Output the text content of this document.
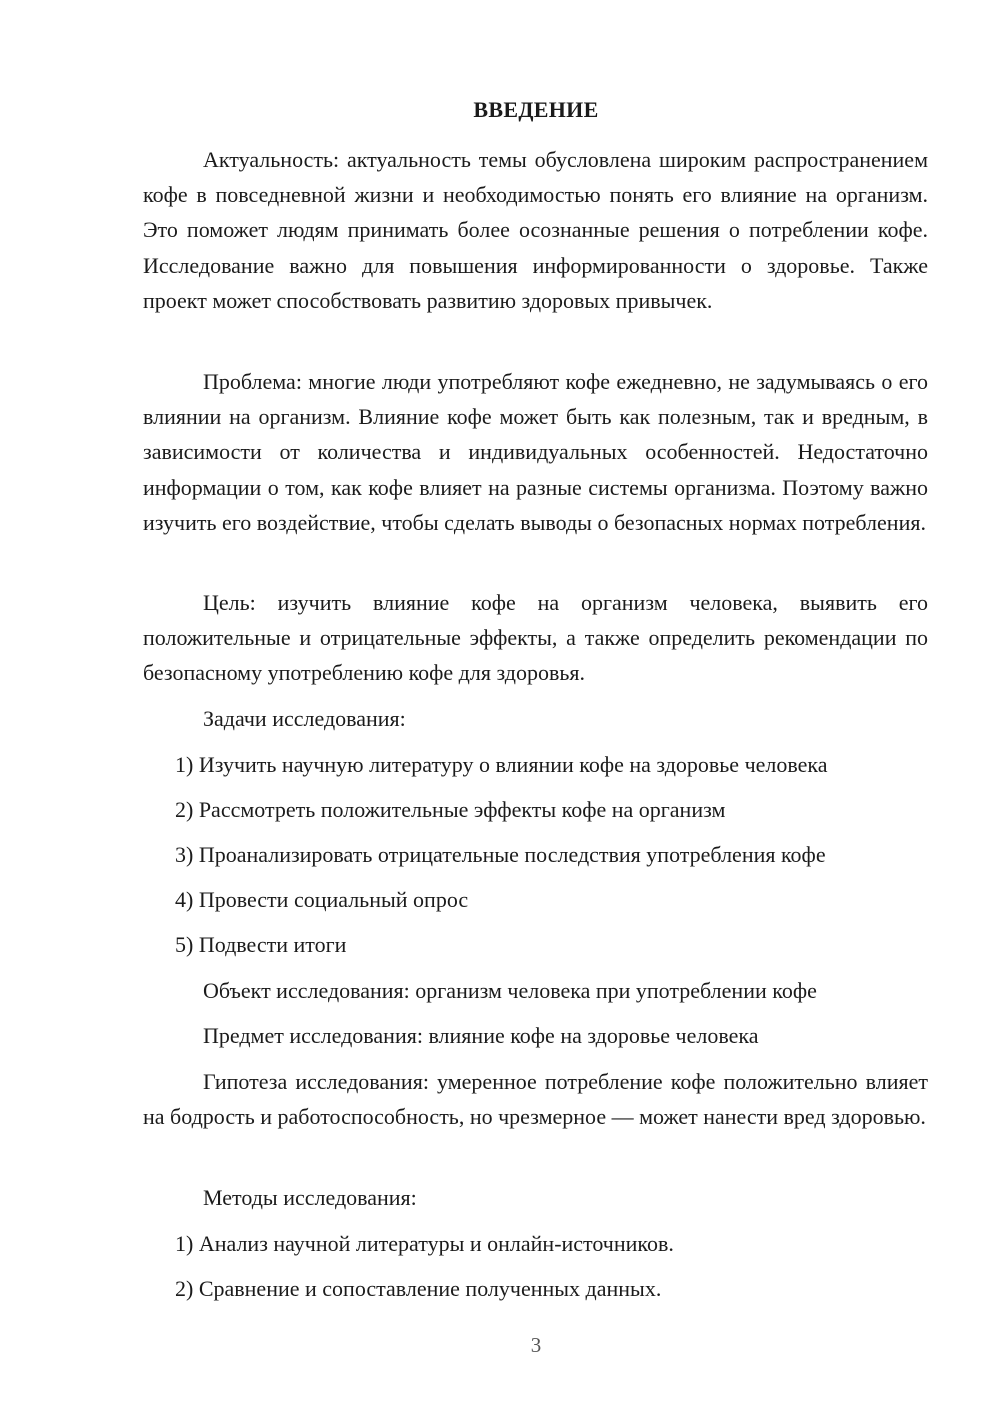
ВВЕДЕНИЕ

Актуальность: актуальность темы обусловлена широким распространением кофе в повседневной жизни и необходимостью понять его влияние на организм. Это поможет людям принимать более осознанные решения о потреблении кофе. Исследование важно для повышения информированности о здоровье. Также проект может способствовать развитию здоровых привычек.

Проблема: многие люди употребляют кофе ежедневно, не задумываясь о его влиянии на организм. Влияние кофе может быть как полезным, так и вредным, в зависимости от количества и индивидуальных особенностей. Недостаточно информации о том, как кофе влияет на разные системы организма. Поэтому важно изучить его воздействие, чтобы сделать выводы о безопасных нормах потребления.

Цель: изучить влияние кофе на организм человека, выявить его положительные и отрицательные эффекты, а также определить рекомендации по безопасному употреблению кофе для здоровья.

Задачи исследования:
1) Изучить научную литературу о влиянии кофе на здоровье человека
2) Рассмотреть положительные эффекты кофе на организм
3) Проанализировать отрицательные последствия употребления кофе
4) Провести социальный опрос
5) Подвести итоги
Объект исследования: организм человека при употреблении кофе
Предмет исследования: влияние кофе на здоровье человека

Гипотеза исследования: умеренное потребление кофе положительно влияет на бодрость и работоспособность, но чрезмерное — может нанести вред здоровью.

Методы исследования:
1) Анализ научной литературы и онлайн-источников.
2) Сравнение и сопоставление полученных данных.
3
